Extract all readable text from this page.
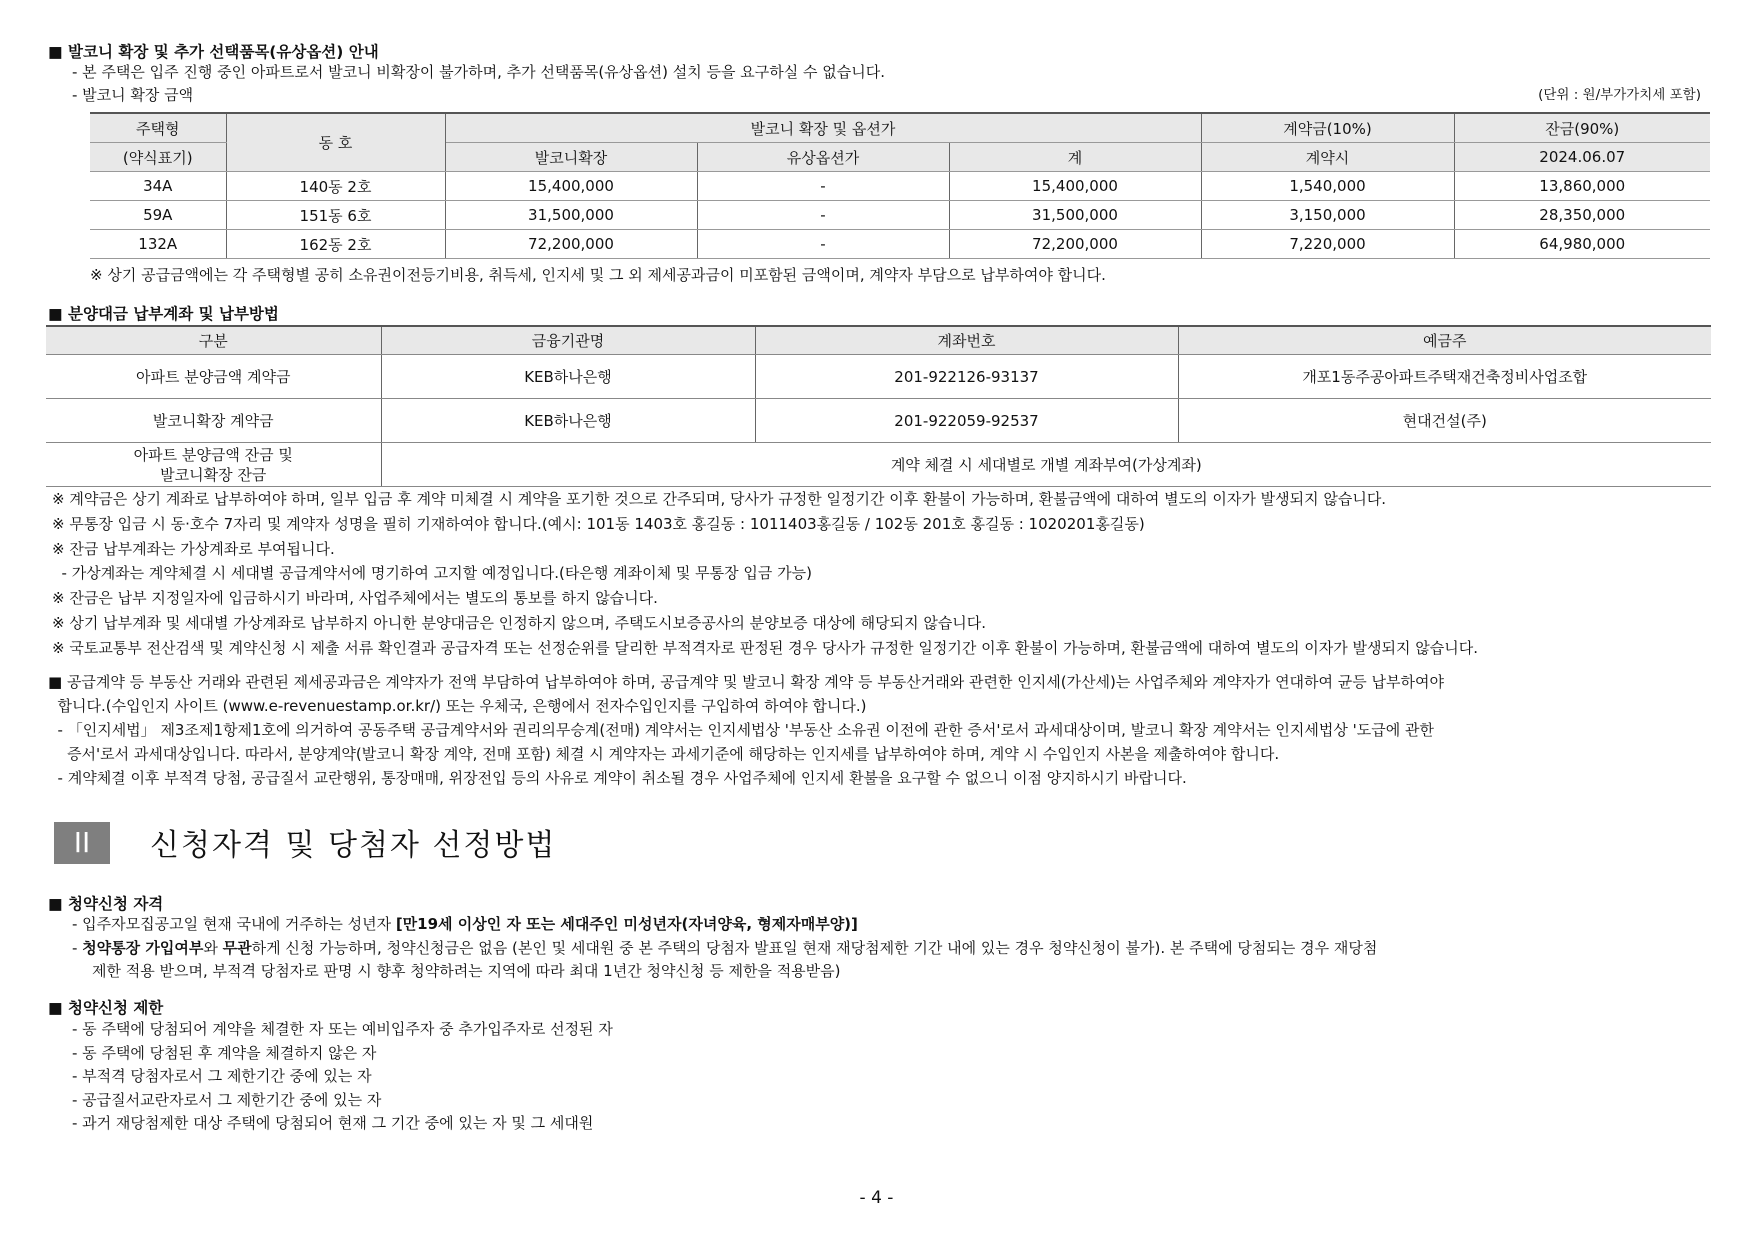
■ 발코니 확장 및 추가 선택품목(유상옵션) 안내
- 본 주택은 입주 진행 중인 아파트로서 발코니 비확장이 불가하며, 추가 선택품목(유상옵션) 설치 등을 요구하실 수 없습니다.
- 발코니 확장 금액	(단위 : 원/부가가치세 포함)
주택형	동 호	발코니 확장 및 옵션가			계약금(10%)	잔금(90%)
(약식표기)		발코니확장	유상옵션가	계	계약시	2024.06.07
34A	140동 2호	15,400,000	-	15,400,000	1,540,000	13,860,000
59A	151동 6호	31,500,000	-	31,500,000	3,150,000	28,350,000
132A	162동 2호	72,200,000	-	72,200,000	7,220,000	64,980,000
※ 상기 공급금액에는 각 주택형별 공히 소유권이전등기비용, 취득세, 인지세 및 그 외 제세공과금이 미포함된 금액이며, 계약자 부담으로 납부하여야 합니다.
■ 분양대금 납부계좌 및 납부방법
구분	금융기관명	계좌번호	예금주
아파트 분양금액 계약금	KEB하나은행	201-922126-93137	개포1동주공아파트주택재건축정비사업조합
발코니확장 계약금	KEB하나은행	201-922059-92537	현대건설(주)

아파트 분양금액 잔금 및
발코니확장 잔금	계약 체결 시 세대별로 개별 계좌부여(가상계좌)		
※ 계약금은 상기 계좌로 납부하여야 하며, 일부 입금 후 계약 미체결 시 계약을 포기한 것으로 간주되며, 당사가 규정한 일정기간 이후 환불이 가능하며, 환불금액에 대하여 별도의 이자가 발생되지 않습니다.
※ 무통장 입금 시 동·호수 7자리 및 계약자 성명을 필히 기재하여야 합니다.(예시: 101동 1403호 홍길동 : 1011403홍길동 / 102동 201호 홍길동 : 1020201홍길동)
※ 잔금 납부계좌는 가상계좌로 부여됩니다.
- 가상계좌는 계약체결 시 세대별 공급계약서에 명기하여 고지할 예정입니다.(타은행 계좌이체 및 무통장 입금 가능)
※ 잔금은 납부 지정일자에 입금하시기 바라며, 사업주체에서는 별도의 통보를 하지 않습니다.
※ 상기 납부계좌 및 세대별 가상계좌로 납부하지 아니한 분양대금은 인정하지 않으며, 주택도시보증공사의 분양보증 대상에 해당되지 않습니다.
※ 국토교통부 전산검색 및 계약신청 시 제출 서류 확인결과 공급자격 또는 선정순위를 달리한 부적격자로 판정된 경우 당사가 규정한 일정기간 이후 환불이 가능하며, 환불금액에 대하여 별도의 이자가 발생되지 않습니다.
■ 공급계약 등 부동산 거래와 관련된 제세공과금은 계약자가 전액 부담하여 납부하여야 하며, 공급계약 및 발코니 확장 계약 등 부동산거래와 관련한 인지세(가산세)는 사업주체와 계약자가 연대하여 균등 납부하여야
합니다.(수입인지 사이트 (www.e-revenuestamp.or.kr/) 또는 우체국, 은행에서 전자수입인지를 구입하여 하여야 합니다.)
- 「인지세법」 제3조제1항제1호에 의거하여 공동주택 공급계약서와 권리의무승계(전매) 계약서는 인지세법상 '부동산 소유권 이전에 관한 증서'로서 과세대상이며, 발코니 확장 계약서는 인지세법상 '도급에 관한
증서'로서 과세대상입니다. 따라서, 분양계약(발코니 확장 계약, 전매 포함) 체결 시 계약자는 과세기준에 해당하는 인지세를 납부하여야 하며, 계약 시 수입인지 사본을 제출하여야 합니다.
- 계약체결 이후 부적격 당첨, 공급질서 교란행위, 통장매매, 위장전입 등의 사유로 계약이 취소될 경우 사업주체에 인지세 환불을 요구할 수 없으니 이점 양지하시기 바랍니다.
II	신청자격 및 당첨자 선정방법
■ 청약신청 자격
- 입주자모집공고일 현재 국내에 거주하는 성년자 [만19세 이상인 자 또는 세대주인 미성년자(자녀양육, 형제자매부양)]
- 청약통장 가입여부와 무관하게 신청 가능하며, 청약신청금은 없음 (본인 및 세대원 중 본 주택의 당첨자 발표일 현재 재당첨제한 기간 내에 있는 경우 청약신청이 불가). 본 주택에 당첨되는 경우 재당첨
제한 적용 받으며, 부적격 당첨자로 판명 시 향후 청약하려는 지역에 따라 최대 1년간 청약신청 등 제한을 적용받음)
■ 청약신청 제한
- 동 주택에 당첨되어 계약을 체결한 자 또는 예비입주자 중 추가입주자로 선정된 자
- 동 주택에 당첨된 후 계약을 체결하지 않은 자
- 부적격 당첨자로서 그 제한기간 중에 있는 자
- 공급질서교란자로서 그 제한기간 중에 있는 자
- 과거 재당첨제한 대상 주택에 당첨되어 현재 그 기간 중에 있는 자 및 그 세대원
- 4 -
